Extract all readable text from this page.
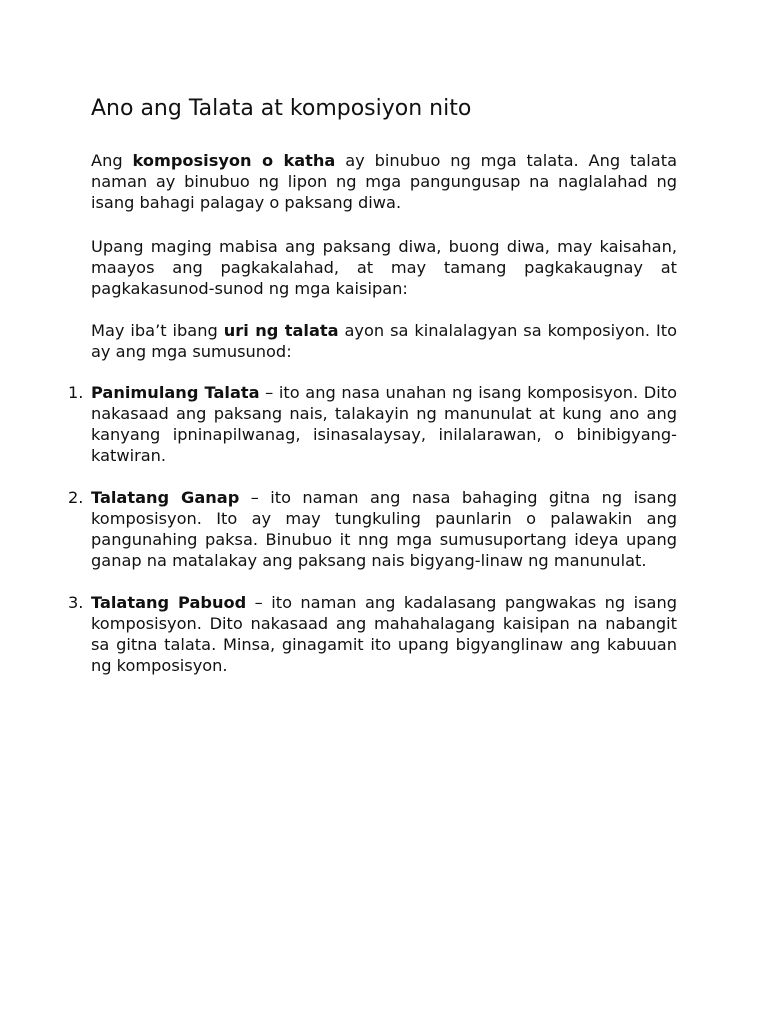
Ano ang Talata at komposiyon nito

Ang komposisyon o katha ay binubuo ng mga talata. Ang talata naman ay binubuo ng lipon ng mga pangungusap na naglalahad ng isang bahagi palagay o paksang diwa.

Upang maging mabisa ang paksang diwa, buong diwa, may kaisahan, maayos ang pagkakalahad, at may tamang pagkakaugnay at pagkakasunod-sunod ng mga kaisipan:

May iba’t ibang uri ng talata ayon sa kinalalagyan sa komposiyon. Ito ay ang mga sumusunod:

1. Panimulang Talata – ito ang nasa unahan ng isang komposisyon. Dito nakasaad ang paksang nais, talakayin ng manunulat at kung ano ang kanyang ipninapilwanag, isinasalaysay, inilalarawan, o binibigyang-katwiran.
2. Talatang Ganap – ito naman ang nasa bahaging gitna ng isang komposisyon. Ito ay may tungkuling paunlarin o palawakin ang pangunahing paksa. Binubuo it nng mga sumusuportang ideya upang ganap na matalakay ang paksang nais bigyang-linaw ng manunulat.
3. Talatang Pabuod – ito naman ang kadalasang pangwakas ng isang komposisyon. Dito nakasaad ang mahahalagang kaisipan na nabangit sa gitna talata. Minsa, ginagamit ito upang bigyanglinaw ang kabuuan ng komposisyon.
